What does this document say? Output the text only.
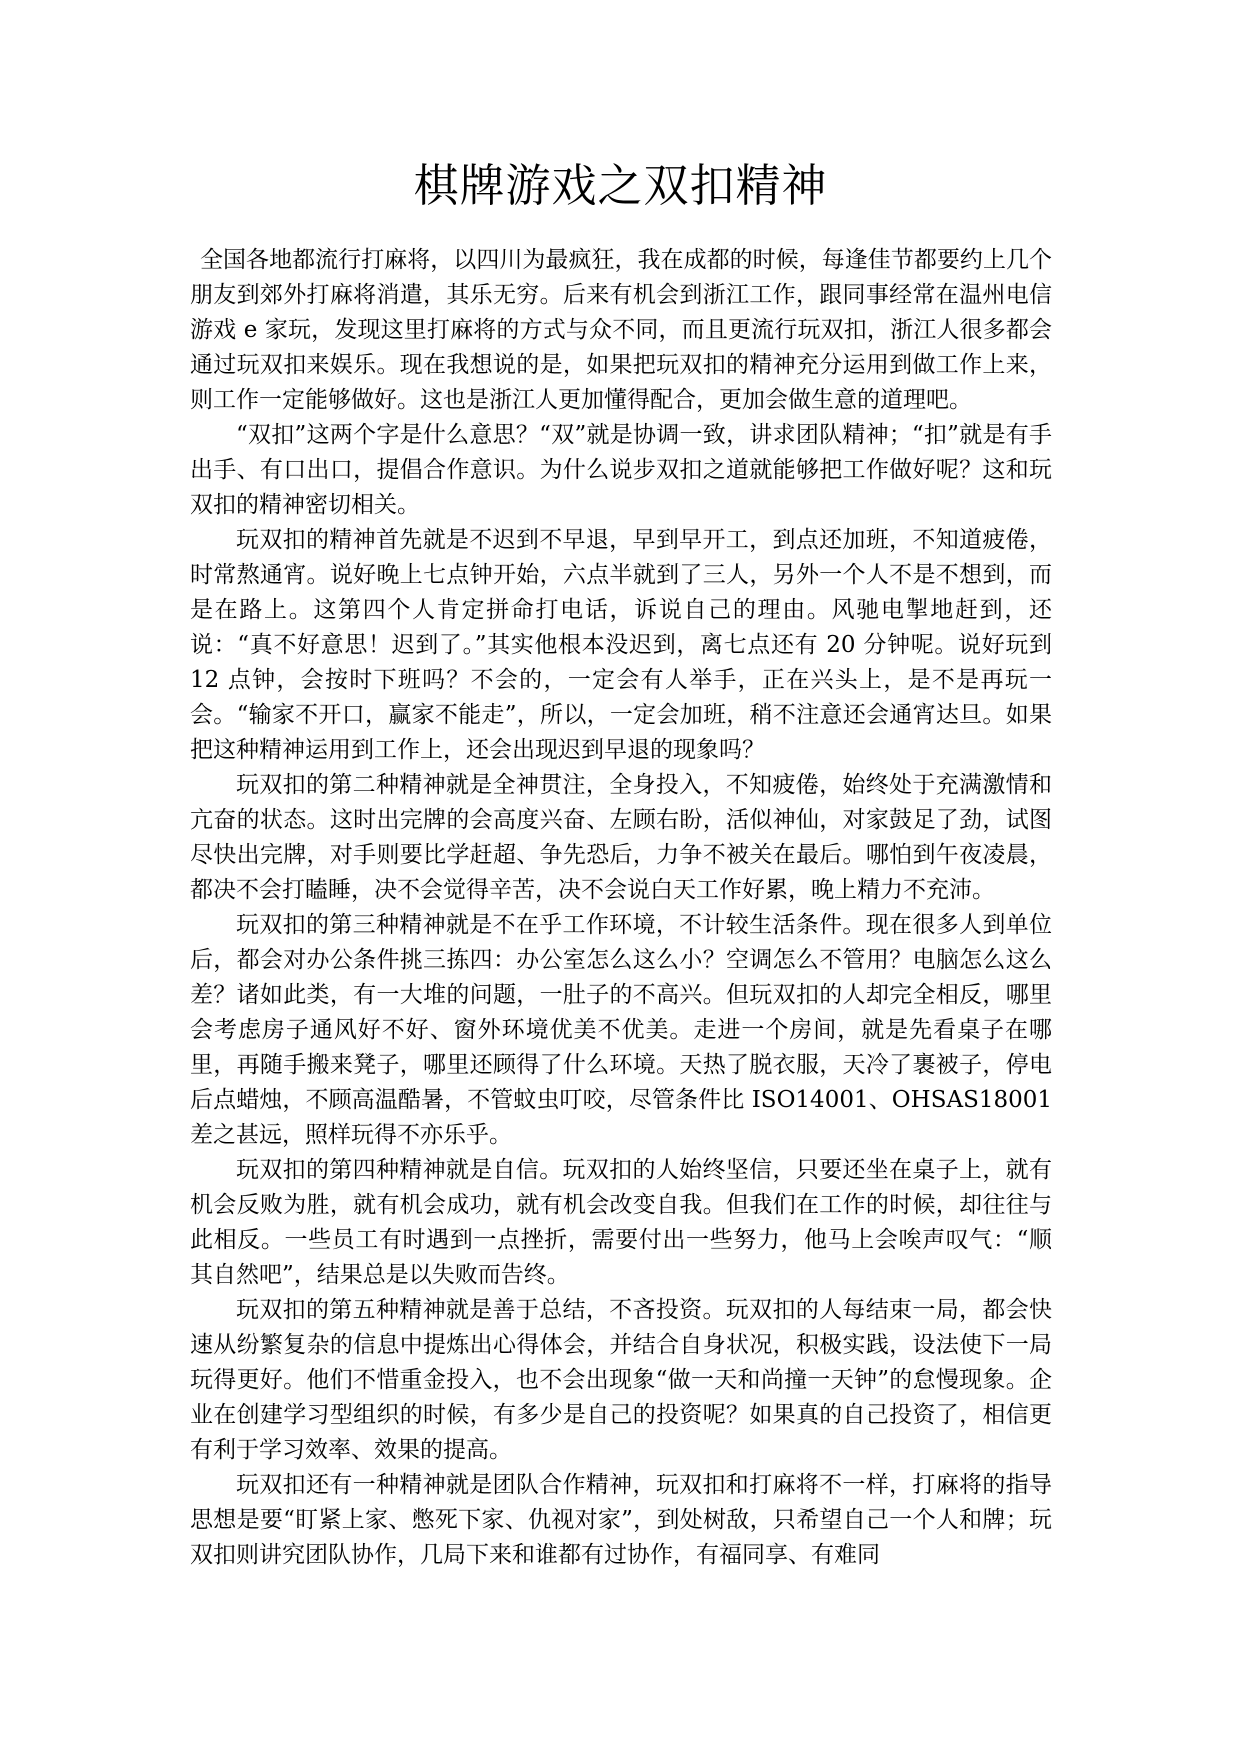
棋牌游戏之双扣精神

全国各地都流行打麻将，以四川为最疯狂，我在成都的时候，每逢佳节都要约上几个朋友到郊外打麻将消遣，其乐无穷。后来有机会到浙江工作，跟同事经常在温州电信游戏 e 家玩，发现这里打麻将的方式与众不同，而且更流行玩双扣，浙江人很多都会通过玩双扣来娱乐。现在我想说的是，如果把玩双扣的精神充分运用到做工作上来，则工作一定能够做好。这也是浙江人更加懂得配合，更加会做生意的道理吧。

“双扣”这两个字是什么意思？“双”就是协调一致，讲求团队精神；“扣”就是有手出手、有口出口，提倡合作意识。为什么说步双扣之道就能够把工作做好呢？这和玩双扣的精神密切相关。

玩双扣的精神首先就是不迟到不早退，早到早开工，到点还加班，不知道疲倦，时常熬通宵。说好晚上七点钟开始，六点半就到了三人，另外一个人不是不想到，而是在路上。这第四个人肯定拼命打电话，诉说自己的理由。风驰电掣地赶到，还说：“真不好意思！迟到了。”其实他根本没迟到，离七点还有 20 分钟呢。说好玩到 12 点钟，会按时下班吗？不会的，一定会有人举手，正在兴头上，是不是再玩一会。“输家不开口，赢家不能走”，所以，一定会加班，稍不注意还会通宵达旦。如果把这种精神运用到工作上，还会出现迟到早退的现象吗？

玩双扣的第二种精神就是全神贯注，全身投入，不知疲倦，始终处于充满激情和亢奋的状态。这时出完牌的会高度兴奋、左顾右盼，活似神仙，对家鼓足了劲，试图尽快出完牌，对手则要比学赶超、争先恐后，力争不被关在最后。哪怕到午夜凌晨，都决不会打瞌睡，决不会觉得辛苦，决不会说白天工作好累，晚上精力不充沛。

玩双扣的第三种精神就是不在乎工作环境，不计较生活条件。现在很多人到单位后，都会对办公条件挑三拣四：办公室怎么这么小？空调怎么不管用？电脑怎么这么差？诸如此类，有一大堆的问题，一肚子的不高兴。但玩双扣的人却完全相反，哪里会考虑房子通风好不好、窗外环境优美不优美。走进一个房间，就是先看桌子在哪里，再随手搬来凳子，哪里还顾得了什么环境。天热了脱衣服，天冷了裹被子，停电后点蜡烛，不顾高温酷暑，不管蚊虫叮咬，尽管条件比 ISO14001、OHSAS18001 差之甚远，照样玩得不亦乐乎。

玩双扣的第四种精神就是自信。玩双扣的人始终坚信，只要还坐在桌子上，就有机会反败为胜，就有机会成功，就有机会改变自我。但我们在工作的时候，却往往与此相反。一些员工有时遇到一点挫折，需要付出一些努力，他马上会唉声叹气：“顺其自然吧”，结果总是以失败而告终。

玩双扣的第五种精神就是善于总结，不吝投资。玩双扣的人每结束一局，都会快速从纷繁复杂的信息中提炼出心得体会，并结合自身状况，积极实践，设法使下一局玩得更好。他们不惜重金投入，也不会出现象“做一天和尚撞一天钟”的怠慢现象。企业在创建学习型组织的时候，有多少是自己的投资呢？如果真的自己投资了，相信更有利于学习效率、效果的提高。

玩双扣还有一种精神就是团队合作精神，玩双扣和打麻将不一样，打麻将的指导思想是要“盯紧上家、憋死下家、仇视对家”，到处树敌，只希望自己一个人和牌；玩双扣则讲究团队协作，几局下来和谁都有过协作，有福同享、有难同
